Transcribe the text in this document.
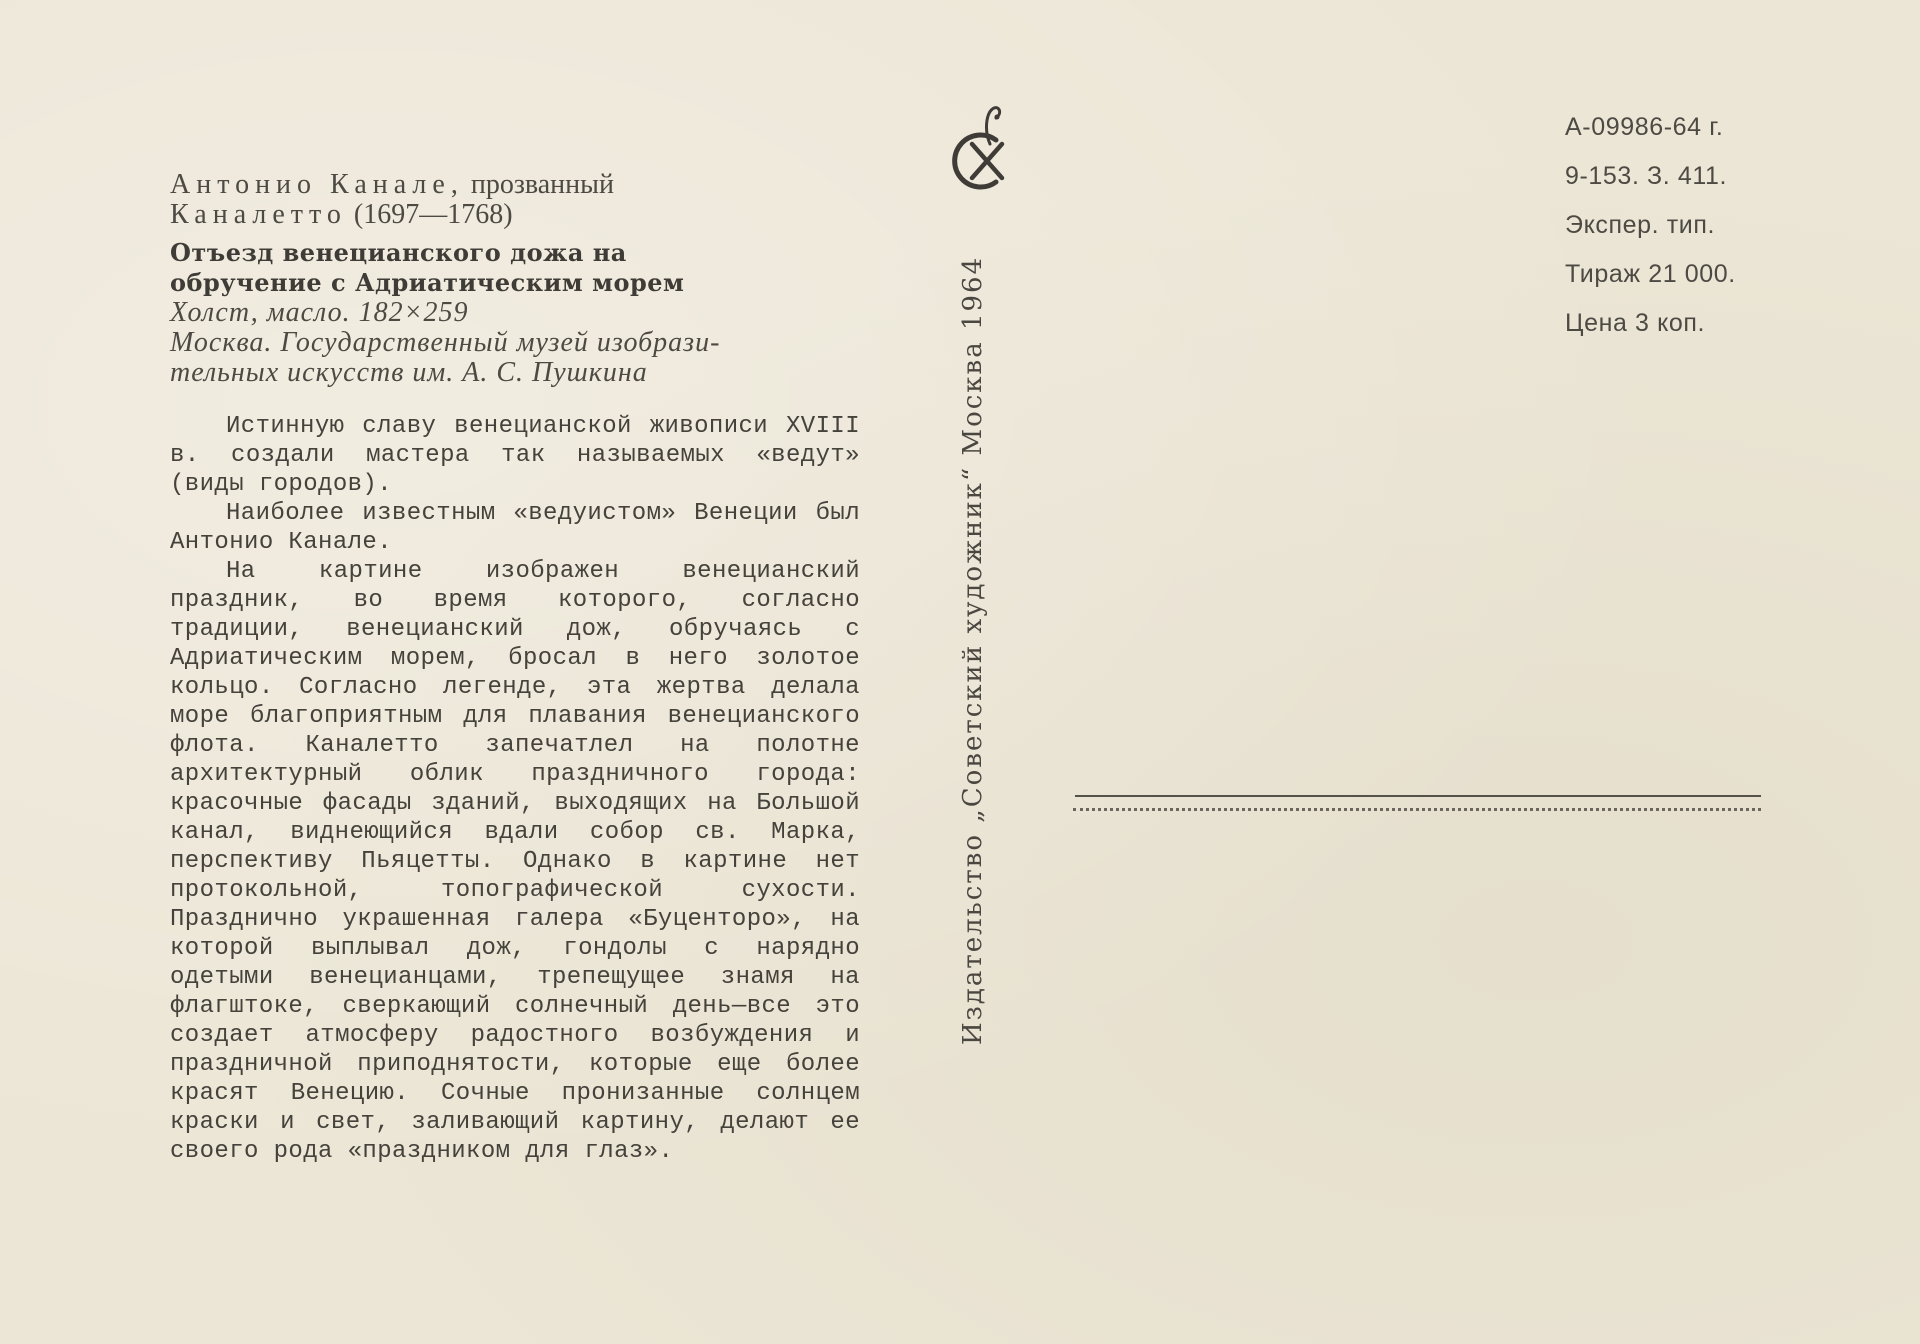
Антонио Канале, прозванный
Каналетто (1697—1768)
Отъезд венецианского дожа на
обручение с Адриатическим морем
Холст, масло. 182×259
Москва. Государственный музей изобрази-
тельных искусств им. А. С. Пушкина

Истинную славу венецианской живописи XVIII в. создали мастера так называемых «ведут» (виды городов).

Наиболее известным «ведуистом» Венеции был Антонио Канале.

На картине изображен венецианский праздник, во время которого, согласно традиции, венецианский дож, обручаясь с Адриатическим морем, бросал в него золотое кольцо. Согласно легенде, эта жертва делала море благоприятным для плавания венецианского флота. Каналетто запечатлел на полотне архитектурный облик праздничного города: красочные фасады зданий, выходящих на Большой канал, виднеющийся вдали собор св. Марка, перспективу Пьяцетты. Однако в картине нет протокольной, топографической сухости. Празднично украшенная галера «Буценторо», на которой выплывал дож, гондолы с нарядно одетыми венецианцами, трепещущее знамя на флагштоке, сверкающий солнечный день—все это создает атмосферу радостного возбуждения и праздничной приподнятости, которые еще более красят Венецию. Сочные пронизанные солнцем краски и свет, заливающий картину, делают ее своего рода «праздником для глаз».

Издательство „Советский художник“ Москва 1964
А-09986-64 г.
9-153. З. 411.
Экспер. тип.
Тираж 21 000.
Цена 3 коп.
